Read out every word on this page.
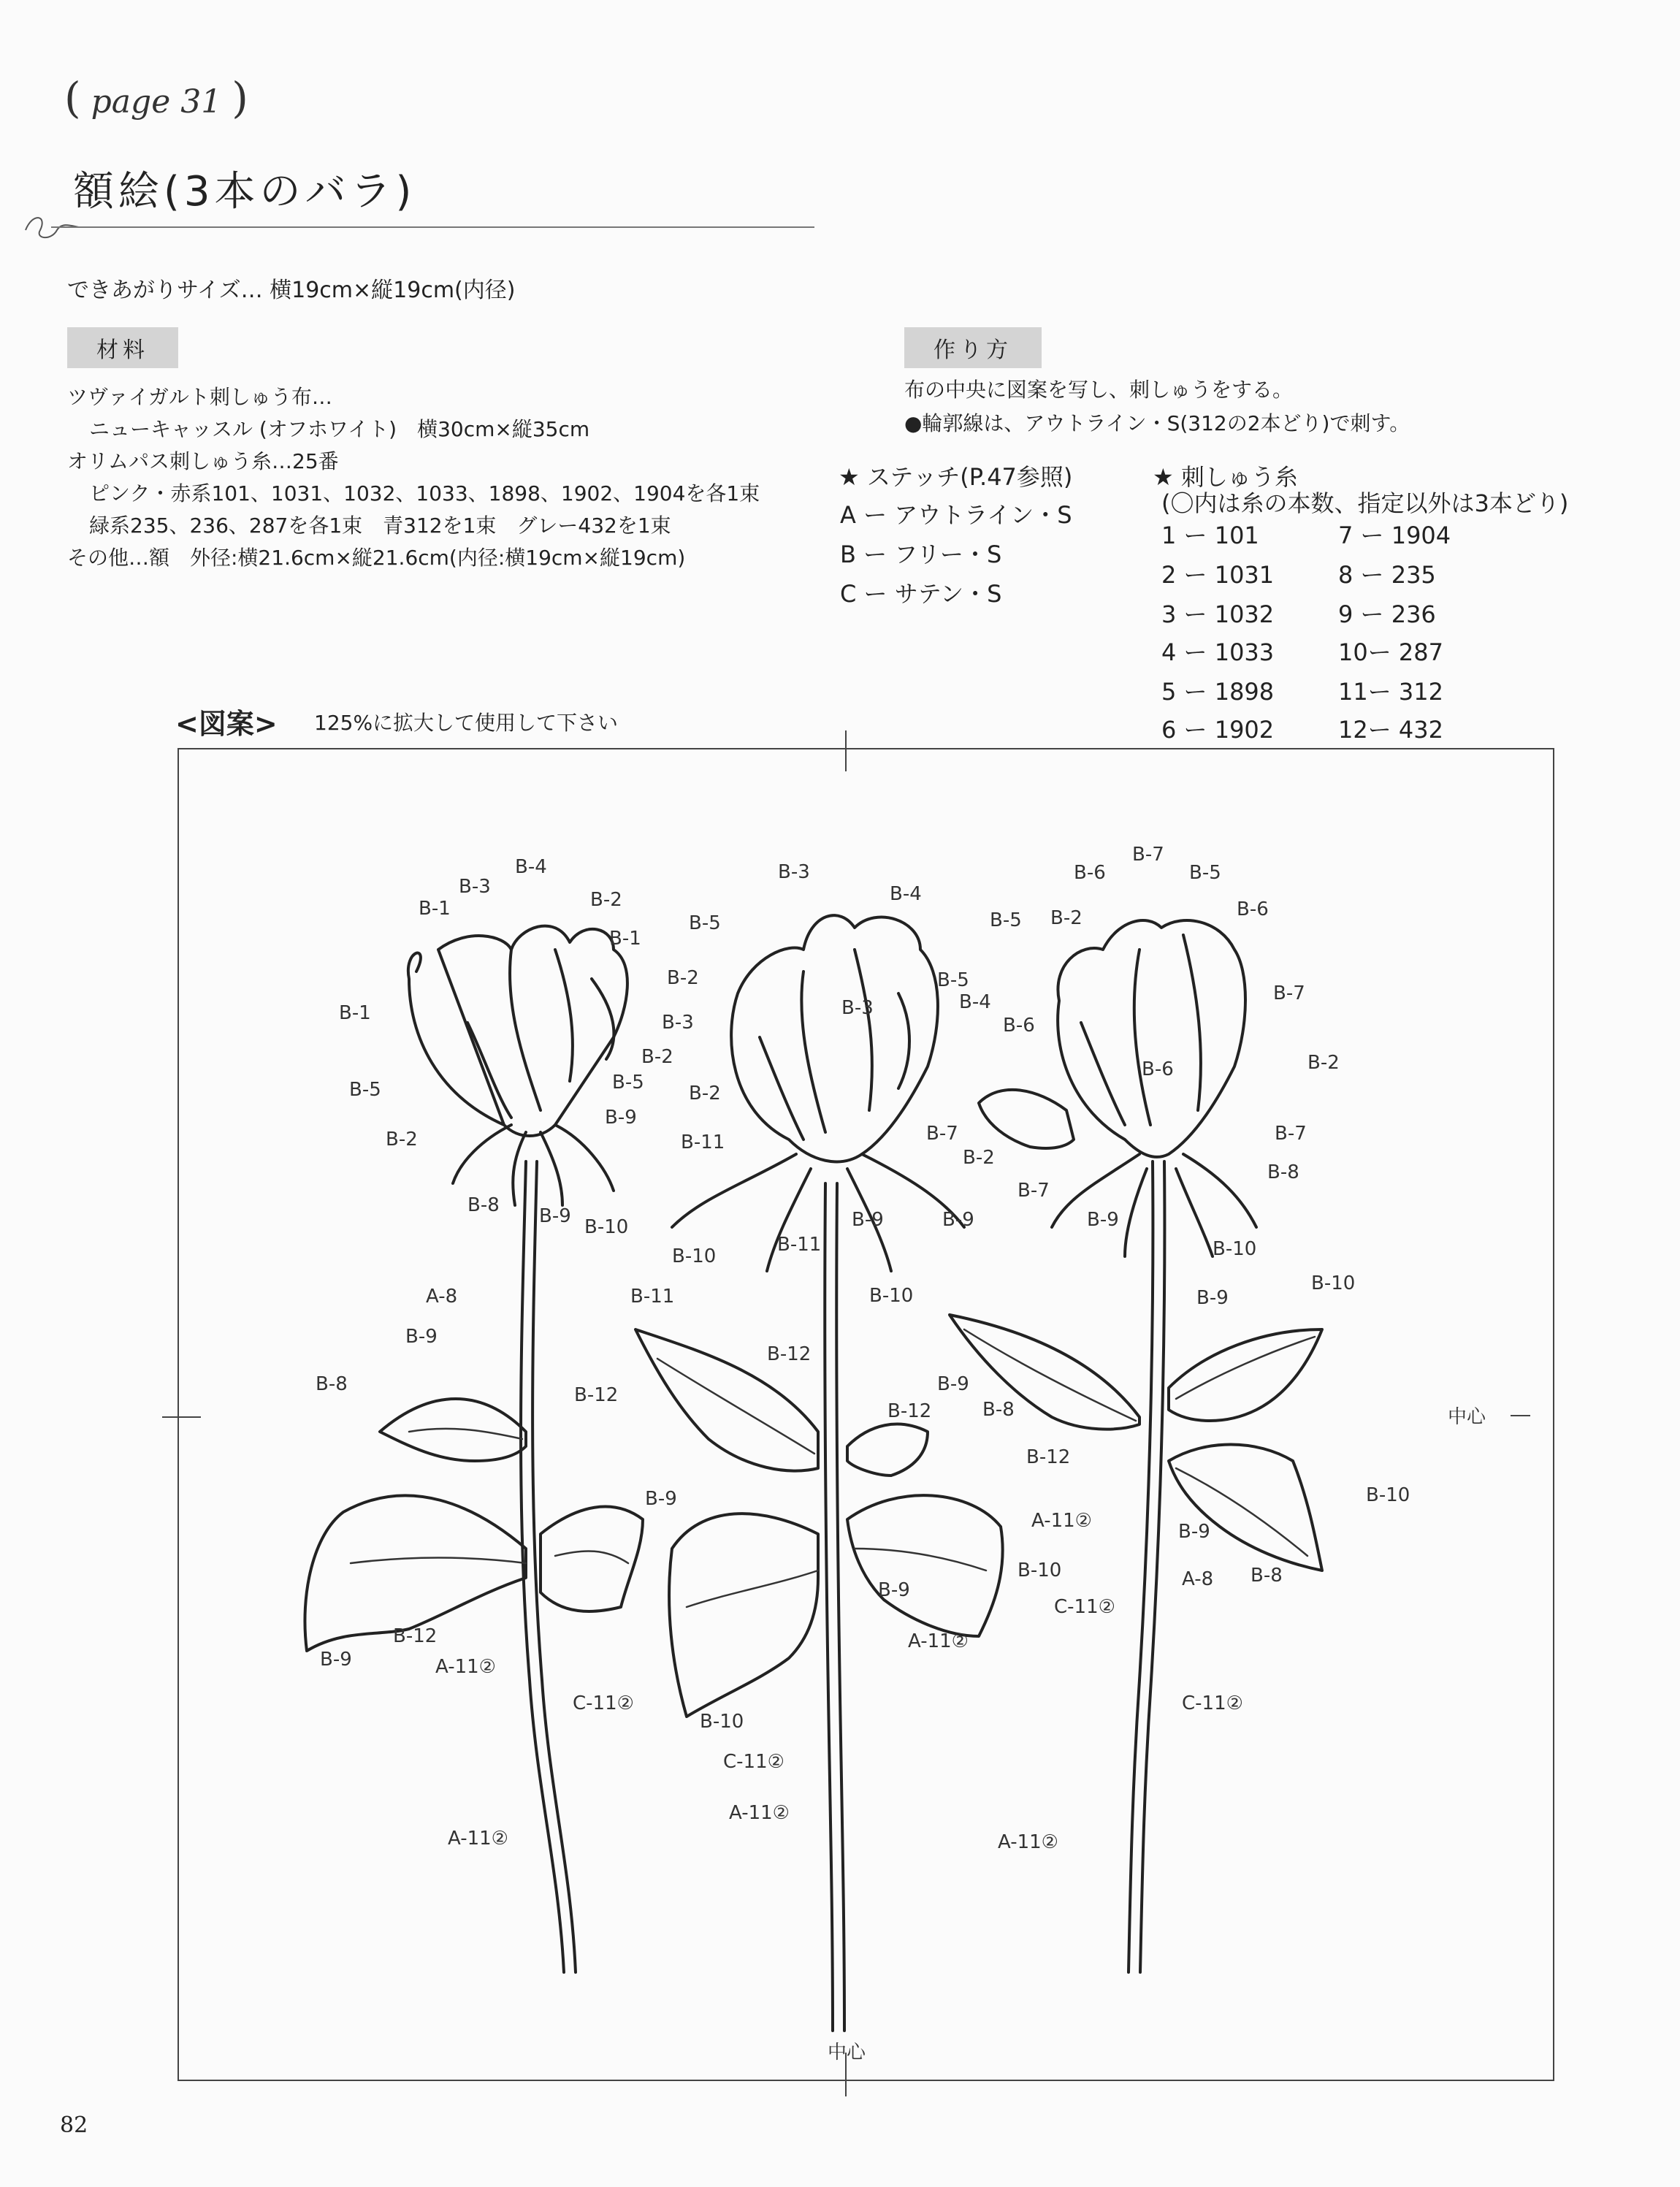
( page 31 )
額絵(3本のバラ)
できあがりサイズ… 横19cm×縦19cm(内径)
材料
ツヴァイガルト刺しゅう布…
ニューキャッスル (オフホワイト)　横30cm×縦35cm
オリムパス刺しゅう糸…25番
ピンク・赤系101、1031、1032、1033、1898、1902、1904を各1束
緑系235、236、287を各1束　青312を1束　グレー432を1束
その他…額　外径:横21.6cm×縦21.6cm(内径:横19cm×縦19cm)
作り方
布の中央に図案を写し、刺しゅうをする。
●輪郭線は、アウトライン・S(312の2本どり)で刺す。
★ ステッチ(P.47参照)
A ー アウトライン・S
B ー フリー・S
C ー サテン・S
★ 刺しゅう糸
(〇内は糸の本数、指定以外は3本どり)
1 ー 101
2 ー 1031
3 ー 1032
4 ー 1033
5 ー 1898
6 ー 1902
7 ー 1904
8 ー 235
9 ー 236
10ー 287
11ー 312
12ー 432
<図案> 125%に拡大して使用して下さい
中心
中心
B-4
B-3
B-2
B-1
B-1
B-1
B-2
B-5	B-5
B-2
B-9
B-8 B-9 B-10
A-8
B-9
B-8	B-12
B-9
B-12
B-9	A-11②
C-11②
A-11②
B-3
B-4
B-5
B-2
B-3
B-5
B-4
B-3
B-2
B-7
B-2
B-11
B-9	B-9
B-11
B-10
B-10
B-11
B-12
B-12
B-9
B-10
A-11②
B-10
C-11②
A-11②
B-7
B-6	B-5
B-5 B-2	B-6
B-7
B-6
B-6	B-2
B-7
B-8
B-7
B-9
B-10
B-9
B-10
B-9
B-8
B-12
A-11②
B-10
B-9
A-8 B-8
C-11②
C-11②
A-11②
82
